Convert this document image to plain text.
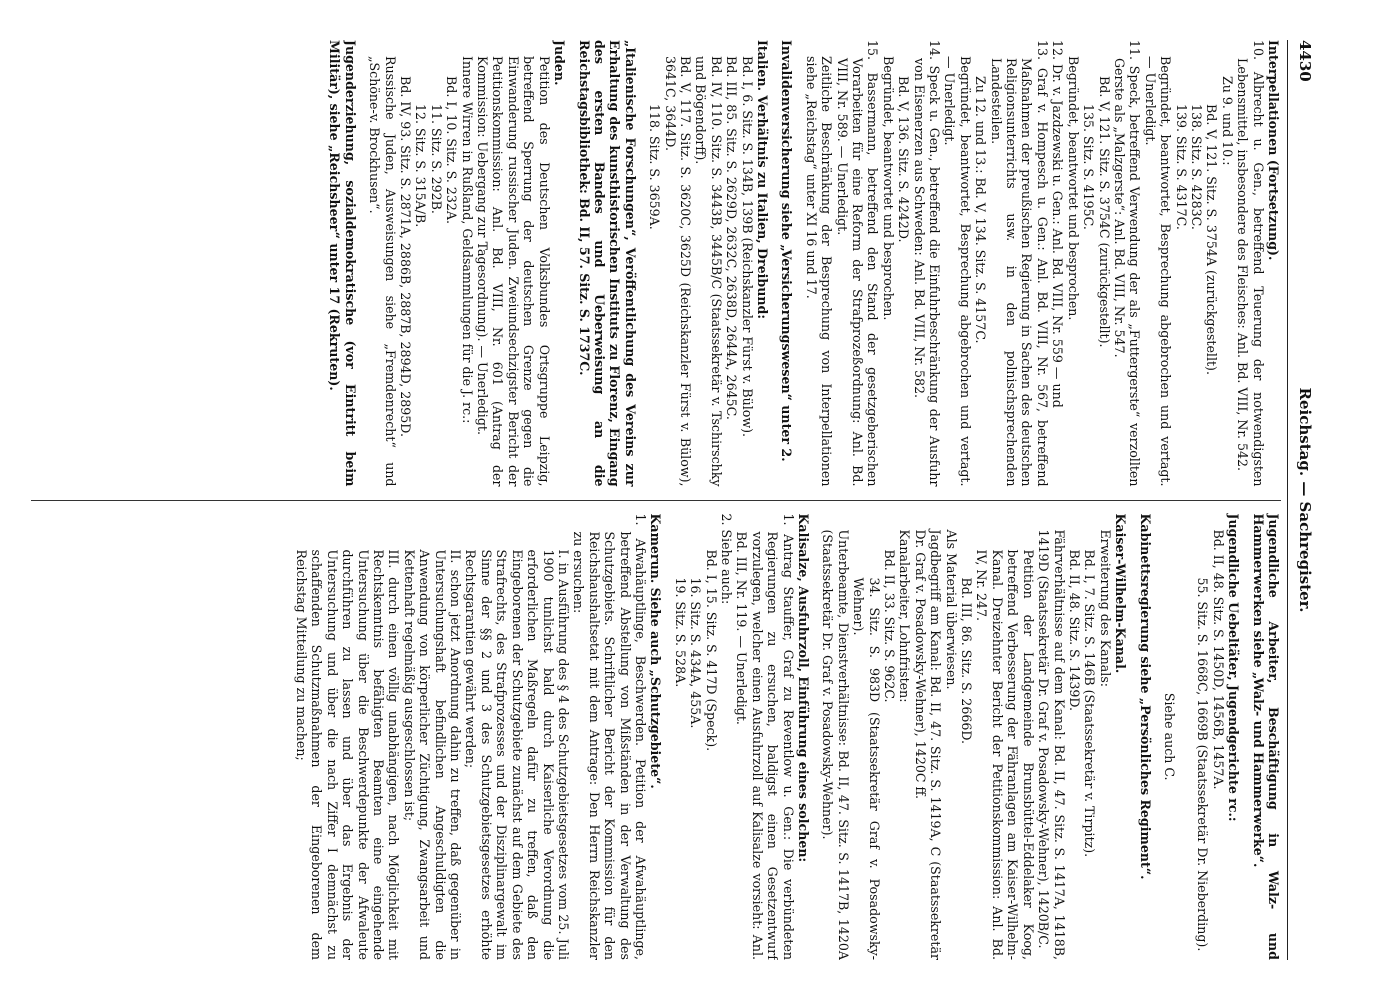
4430
Reichstag. — Sachregister.

Interpellationen (Fortsetzung).

10. Albrecht u. Gen., betreffend Teuerung der notwendigsten Lebensmittel, insbesondere des Fleisches: Anl. Bd. VIII, Nr. 542.

Zu 9. und 10.:

Bd. V, 121. Sitz. S. 3754A (zurückgestellt).

138. Sitz. S. 4283C.

139. Sitz. S. 4317C.

Begründet, beantwortet, Besprechung abgebrochen und vertagt. — Unerledigt.

11. Speck, betreffend Verwendung der als „Futtergerste“ verzollten Gerste als „Malzgerste“: Anl. Bd. VIII, Nr. 547.

Bd. V, 121. Sitz. S. 3754C (zurückgestellt).

135. Sitz. S. 4195C.

Begründet, beantwortet und besprochen.

12. Dr. v. Jazdzewski u. Gen.: Anl. Bd. VIII, Nr. 559 — und

13. Graf v. Hompesch u. Gen.: Anl. Bd. VIII, Nr. 567, betreffend Maßnahmen der preußischen Regierung in Sachen des deutschen Religionsunterrichts usw. in den polnischsprechenden Landesteilen.

Zu 12. und 13.: Bd. V, 134. Sitz. S. 4157C.

Begründet, beantwortet, Besprechung abgebrochen und vertagt. — Unerledigt.

14. Speck u. Gen., betreffend die Einfuhrbeschränkung der Ausfuhr von Eisenerzen aus Schweden: Anl. Bd. VIII, Nr. 582.

Bd. V, 136. Sitz. S. 4242D.

Begründet, beantwortet und besprochen.

15. Bassermann, betreffend den Stand der gesetzgeberischen Vorarbeiten für eine Reform der Strafprozeßordnung: Anl. Bd. VIII, Nr. 589. — Unerledigt.

Zeitliche Beschränkung der Besprechung von Interpellationen siehe „Reichstag“ unter XI 16 und 17.

Invalidenversicherung siehe „Versicherungswesen“ unter 2.

Italien. Verhältnis zu Italien, Dreibund:

Bd. I, 6. Sitz. S. 134B, 139B (Reichskanzler Fürst v. Bülow).

Bd. III, 85. Sitz. S. 2629D, 2632C, 2638D, 2644A, 2645C.

Bd. IV, 110. Sitz. S. 3443B, 3445B/C (Staatssekretär v. Tschirschky und Bögendorff).

Bd. V, 117. Sitz. S. 3620C, 3625D (Reichskanzler Fürst v. Bülow), 3641C, 3644D.

118. Sitz. S. 3659A.

„Italienische Forschungen“, Veröffentlichung des Vereins zur Erhaltung des kunsthistorischen Instituts zu Florenz, Eingang des ersten Bandes und Ueberweisung an die Reichstagsbibliothek: Bd. II, 57. Sitz. S. 1737C.

Juden.

Petition des Deutschen Volksbundes Ortsgruppe Leipzig, betreffend Sperrung der deutschen Grenze gegen die Einwanderung russischer Juden. Zweiundsechzigster Bericht der Petitionskommission: Anl. Bd. VIII, Nr. 601 (Antrag der Kommission: Uebergang zur Tagesordnung). — Unerledigt.

Innere Wirren in Rußland, Geldsammlungen für die J. rc.:

Bd. I, 10. Sitz. S. 232A.

11. Sitz. S. 292B.

12. Sitz. S. 315A/B.

Bd. IV, 93. Sitz. S. 2871A, 2886B, 2887B, 2894D, 2895D.

Russische Juden, Ausweisungen siehe „Fremdenrecht“ und „Schöne-v. Brockhusen“.

Jugenderziehung, sozialdemokratische (vor Eintritt beim Militär), siehe „Reichsheer“ unter 17 (Rekruten).

Jugendliche Arbeiter, Beschäftigung in Walz- und Hammerwerken siehe „Walz- und Hammerwerke“.

Jugendliche Uebeltäter, Jugendgerichte rc.:

Bd. II, 48. Sitz. S. 1450D, 1456B, 1457A.

55. Sitz. S. 1668C, 1669B (Staatssekretär Dr. Nieberding).

Siehe auch C.

Kabinettsregierung siehe „Persönliches Regiment“.

Kaiser-Wilhelm-Kanal.

Erweiterung des Kanals:

Bd. I, 7. Sitz. S. 146B (Staatssekretär v. Tirpitz).

Bd. II, 48. Sitz. S. 1439D.

Fährverhältnisse auf dem Kanal: Bd. II, 47. Sitz. S. 1417A, 1418B, 1419D (Staatssekretär Dr. Graf v. Posadowsky-Wehner), 1420B/C.

Petition der Landgemeinde Brunsbüttel-Eddelaker Koog, betreffend Verbesserung der Fähranlagen am Kaiser-Wilhelm-Kanal. Dreizehnter Bericht der Petitionskommission: Anl. Bd. IV, Nr. 247.

Bd. III, 86. Sitz. S. 2666D.

Als Material überwiesen.

Jagdbegriff am Kanal: Bd. II, 47. Sitz. S. 1419A, C (Staatssekretär Dr. Graf v. Posadowsky-Wehner), 1420C ff.

Kanalarbeiter, Lohnfristen:

Bd. II, 33. Sitz. S. 962C.

34. Sitz. S. 983D (Staatssekretär Graf v. Posadowsky-Wehner).

Unterbeamte, Dienstverhältnisse: Bd. II, 47. Sitz. S. 1417B, 1420A (Staatssekretär Dr. Graf v. Posadowsky-Wehner).

Kalisalze, Ausfuhrzoll, Einführung eines solchen:

1. Antrag Stauffer, Graf zu Reventlow u. Gen.: Die verbündeten Regierungen zu ersuchen, baldigst einen Gesetzentwurf vorzulegen, welcher einen Ausfuhrzoll auf Kalisalze vorsieht: Anl. Bd. III, Nr. 119. — Unerledigt.

2. Siehe auch:

Bd. I, 15. Sitz. S. 417D (Speck).

16. Sitz. S. 434A, 455A.

19. Sitz. S. 528A.

Kamerun. Siehe auch „Schutzgebiete“.

1. Afwahäuptlinge, Beschwerden. Petition der Afwahäuptlinge, betreffend Abstellung von Mißständen in der Verwaltung des Schutzgebiets. Schriftlicher Bericht der Kommission für den Reichshaushaltsetat mit dem Antrage: Den Herrn Reichskanzler zu ersuchen:

I. in Ausführung des § 4 des Schutzgebietsgesetzes vom 25. Juli 1900 tunlichst bald durch Kaiserliche Verordnung die erforderlichen Maßregeln dafür zu treffen, daß den Eingeborenen der Schutzgebiete zunächst auf dem Gebiete des Strafrechts, des Strafprozesses und der Disziplinargewalt im Sinne der §§ 2 und 3 des Schutzgebietsgesetzes erhöhte Rechtsgarantien gewährt werden;

II. schon jetzt Anordnung dahin zu treffen, daß gegenüber in Untersuchungshaft befindlichen Angeschuldigten die Anwendung von körperlicher Züchtigung, Zwangsarbeit und Kettenhaft regelmäßig ausgeschlossen ist;

III. durch einen völlig unabhängigen, nach Möglichkeit mit Rechtskenntnis befähigten Beamten eine eingehende Untersuchung über die Beschwerdepunkte der Afwaleute durchführen zu lassen und über das Ergebnis der Untersuchung und über die nach Ziffer I demnächst zu schaffenden Schutzmaßnahmen der Eingeborenen dem Reichstag Mitteilung zu machen;
